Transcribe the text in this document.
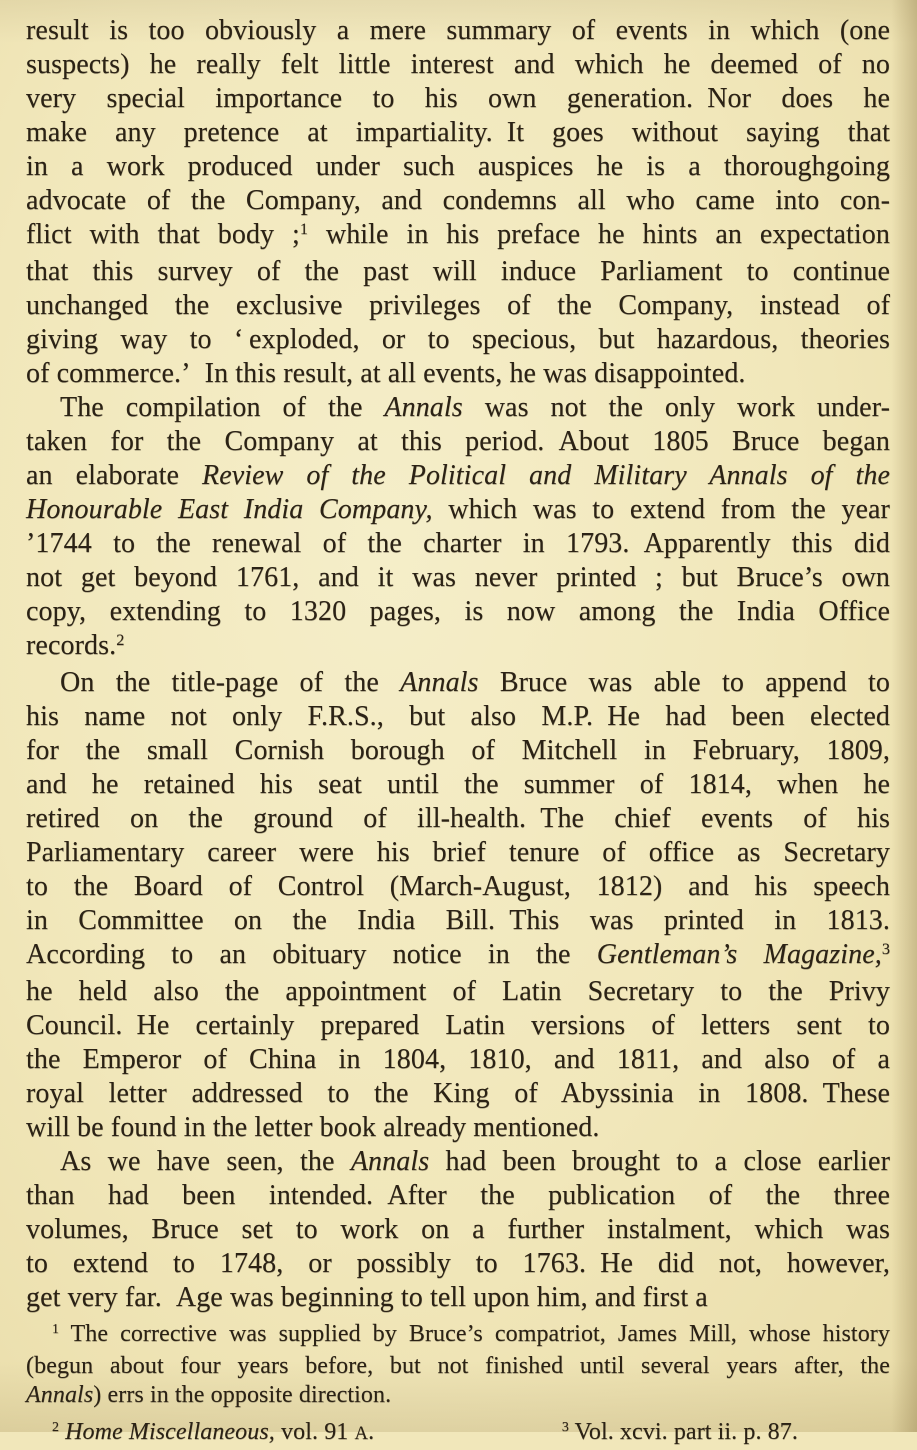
result is too obviously a mere summary of events in which (one
suspects) he really felt little interest and which he deemed of no
very special importance to his own generation. Nor does he
make any pretence at impartiality. It goes without saying that
in a work produced under such auspices he is a thoroughgoing
advocate of the Company, and condemns all who came into con-
flict with that body ;$^1$ while in his preface he hints an expectation
that this survey of the past will induce Parliament to continue
unchanged the exclusive privileges of the Company, instead of
giving way to ‘ exploded, or to specious, but hazardous, theories
of commerce.’ In this result, at all events, he was disappointed.
The compilation of the Annals was not the only work under-
taken for the Company at this period. About 1805 Bruce began
an elaborate Review of the Political and Military Annals of the
Honourable East India Company, which was to extend from the year
’1744 to the renewal of the charter in 1793. Apparently this did
not get beyond 1761, and it was never printed ; but Bruce’s own
copy, extending to 1320 pages, is now among the India Office
records.$^2$
On the title-page of the Annals Bruce was able to append to
his name not only F.R.S., but also M.P. He had been elected
for the small Cornish borough of Mitchell in February, 1809,
and he retained his seat until the summer of 1814, when he
retired on the ground of ill-health. The chief events of his
Parliamentary career were his brief tenure of office as Secretary
to the Board of Control (March-August, 1812) and his speech
in Committee on the India Bill. This was printed in 1813.
According to an obituary notice in the Gentleman’s Magazine,$^3$
he held also the appointment of Latin Secretary to the Privy
Council. He certainly prepared Latin versions of letters sent to
the Emperor of China in 1804, 1810, and 1811, and also of a
royal letter addressed to the King of Abyssinia in 1808. These
will be found in the letter book already mentioned.
As we have seen, the Annals had been brought to a close earlier
than had been intended. After the publication of the three
volumes, Bruce set to work on a further instalment, which was
to extend to 1748, or possibly to 1763. He did not, however,
get very far. Age was beginning to tell upon him, and first a
$^1$ The corrective was supplied by Bruce’s compatriot, James Mill, whose history
(begun about four years before, but not finished until several years after, the
Annals) errs in the opposite direction.
$^2$ Home Miscellaneous, vol. 91 A.	$^3$ Vol. xcvi. part ii. p. 87.
